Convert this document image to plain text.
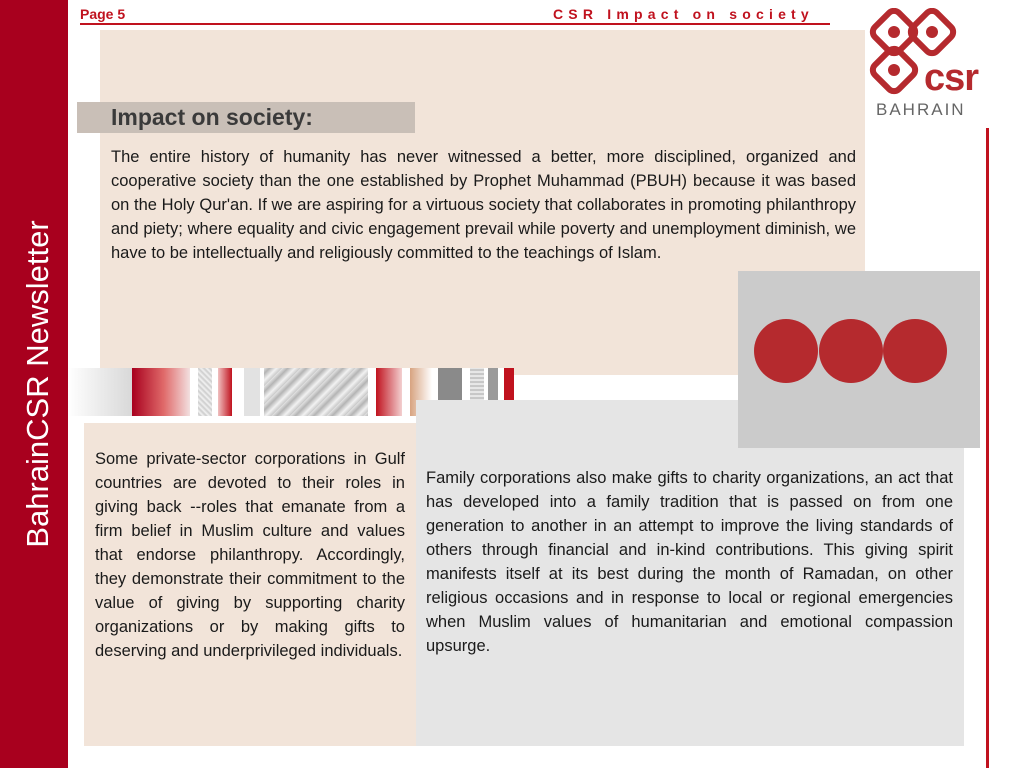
BahrainCSR Newsletter
Page 5	CSR Impact on society
Impact on society:

The entire history of humanity has never witnessed a better, more disciplined, organized and cooperative society than the one established by Prophet Muhammad (PBUH) because it was based on the Holy Qur'an. If we are aspiring for a virtuous society that collaborates in promoting philanthropy and piety; where equality and civic engagement prevail while poverty and unemployment diminish, we have to be intellectually and religiously committed to the teachings of Islam.

Some private-sector corporations in Gulf countries are devoted to their roles in giving back --roles that emanate from a firm belief in Muslim culture and values that endorse philanthropy. Accordingly, they demonstrate their commitment to the value of giving by supporting charity organizations or by making gifts to deserving and underprivileged individuals.

Family corporations also make gifts to charity organizations, an act that has developed into a family tradition that is passed on from one generation to another in an attempt to improve the living standards of others through financial and in-kind contributions. This giving spirit manifests itself at its best during the month of Ramadan, on other religious occasions and in response to local or regional emergencies when Muslim values of humanitarian and emotional compassion upsurge.

csr
BAHRAIN
